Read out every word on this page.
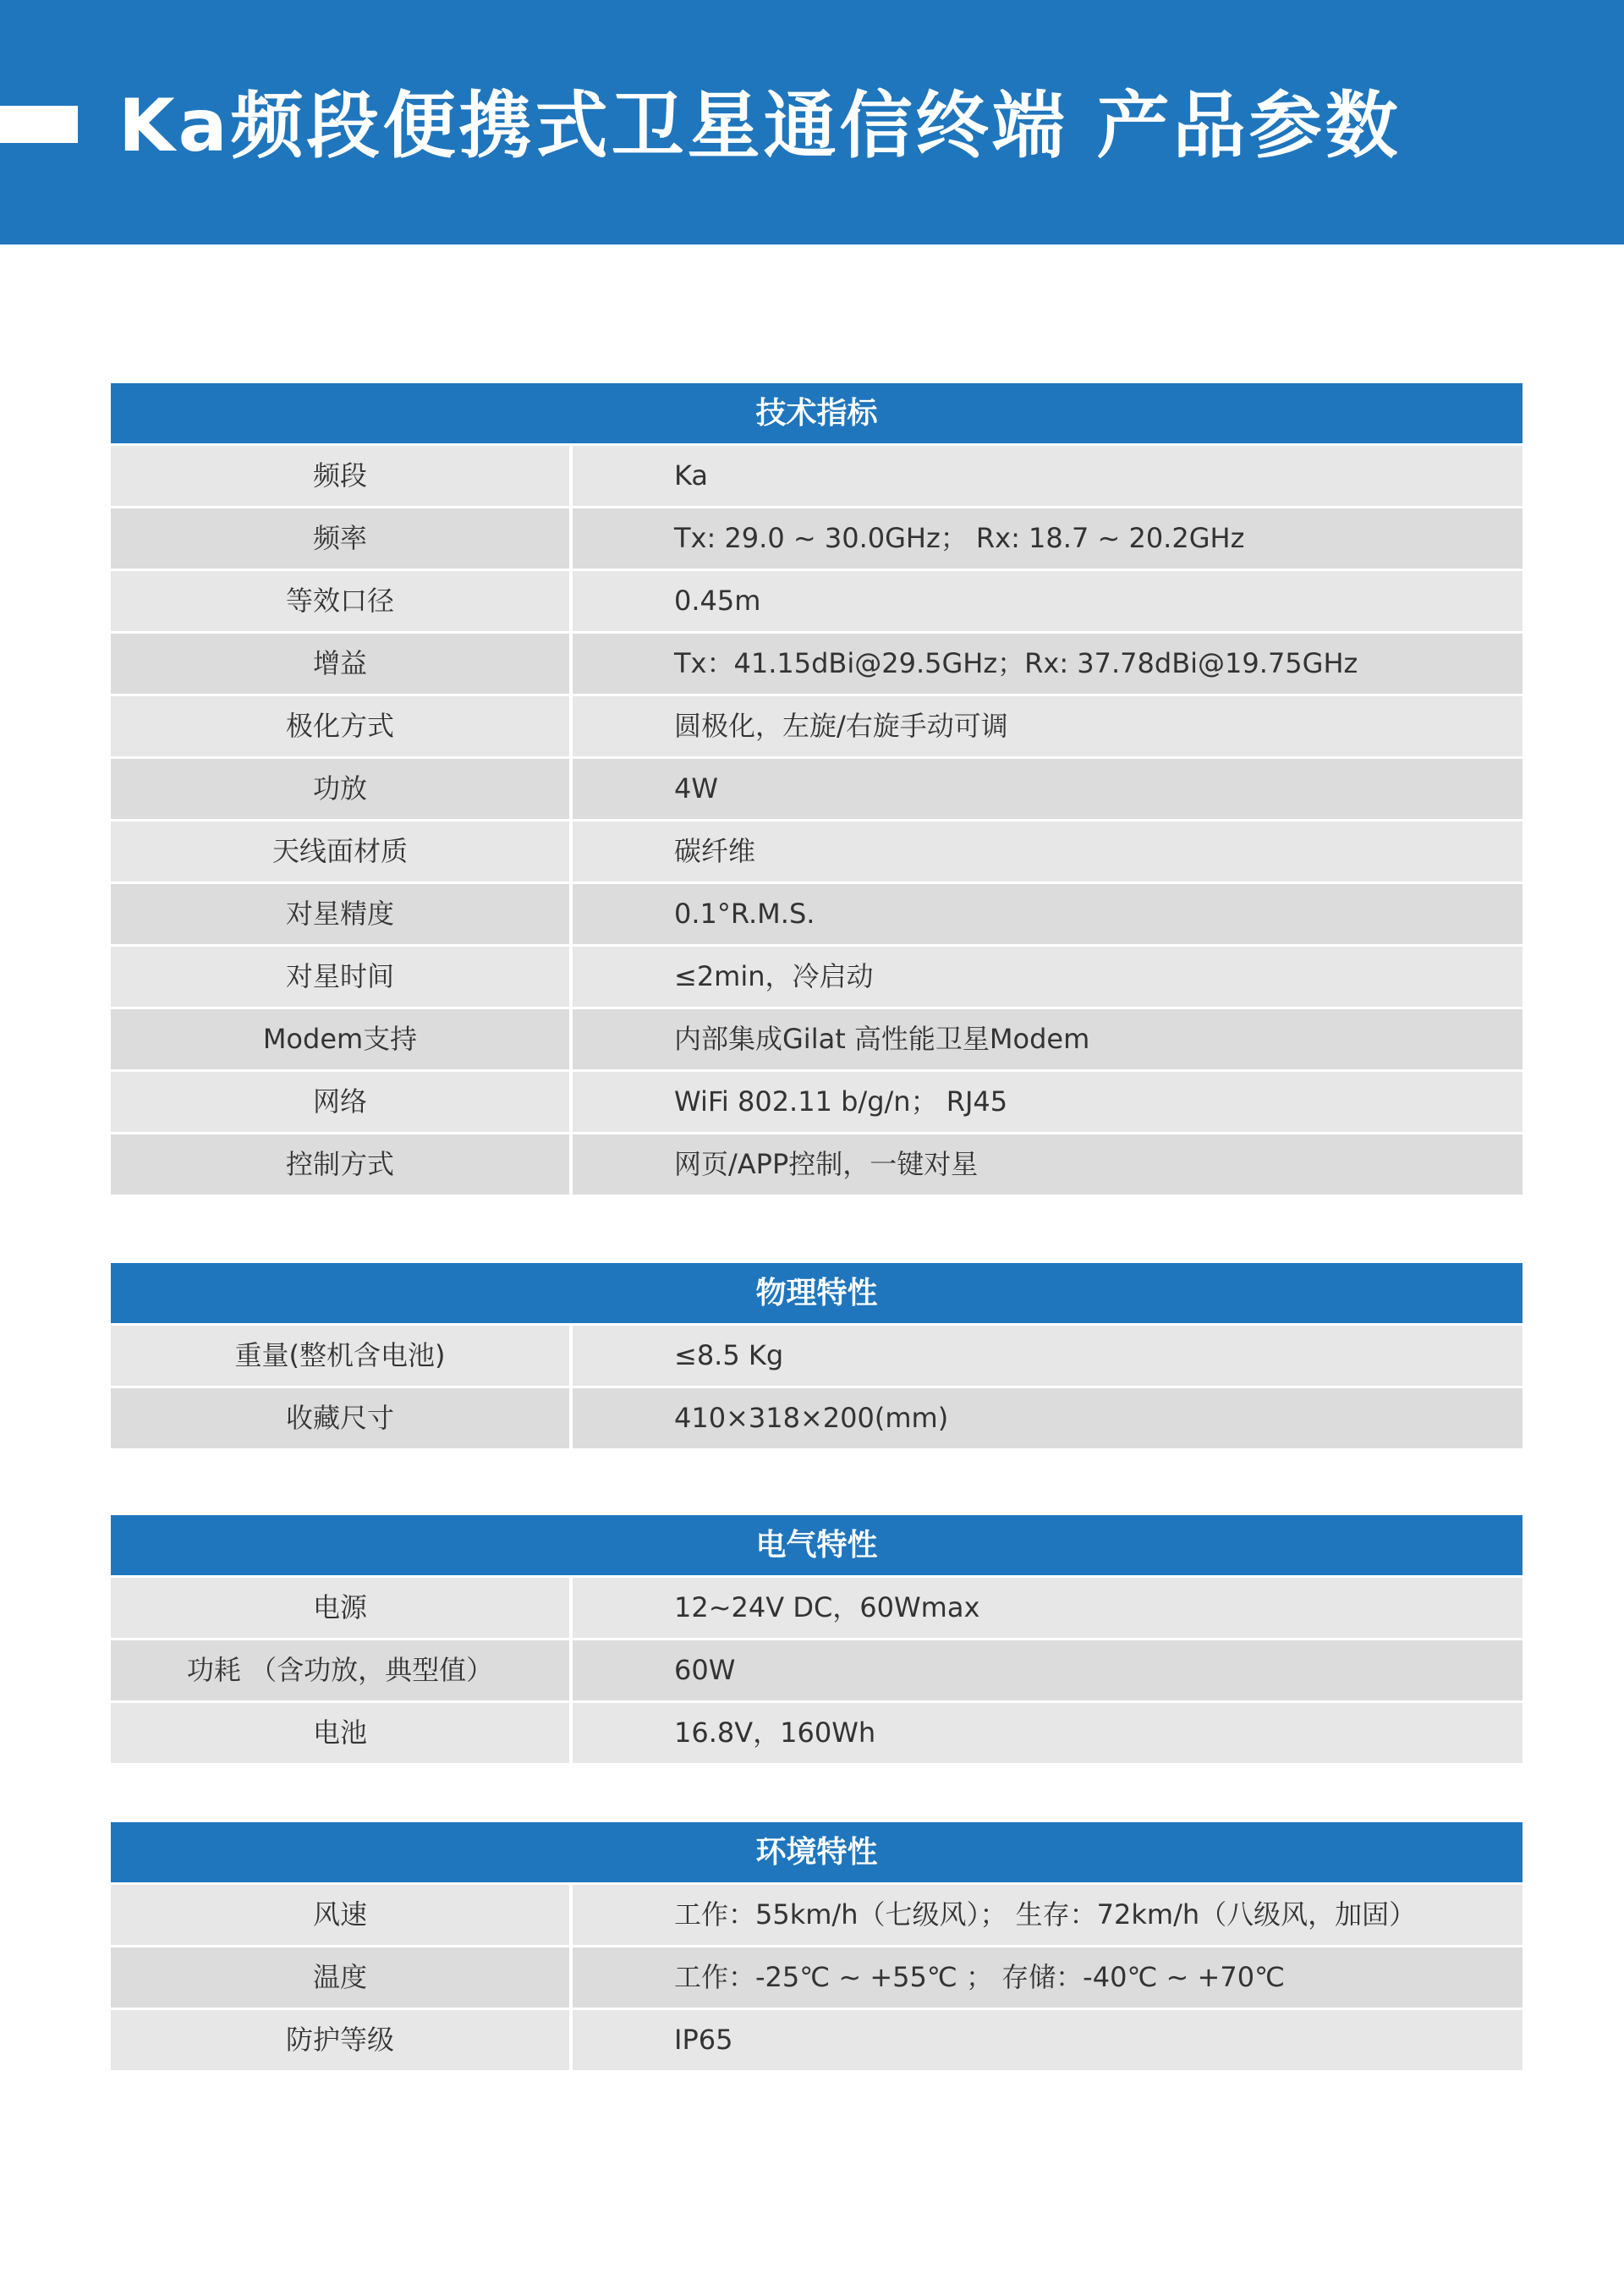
Ka频段便携式卫星通信终端 产品参数
技术指标
频段	Ka
频率	Tx: 29.0 ~ 30.0GHz； Rx: 18.7 ~ 20.2GHz
等效口径	0.45m
增益	Tx：41.15dBi@29.5GHz；Rx: 37.78dBi@19.75GHz
极化方式	圆极化，左旋/右旋手动可调
功放	4W
天线面材质	碳纤维
对星精度	0.1°R.M.S.
对星时间	≤2min，冷启动
Modem支持	内部集成Gilat 高性能卫星Modem
网络	WiFi 802.11 b/g/n； RJ45
控制方式	网页/APP控制，一键对星
物理特性
重量(整机含电池)	≤8.5 Kg
收藏尺寸	410×318×200(mm)
电气特性
电源	12~24V DC，60Wmax
功耗 （含功放，典型值）	60W
电池	16.8V，160Wh
环境特性
风速	工作：55km/h（七级风）； 生存：72km/h（八级风，加固）
温度	工作：-25℃ ~ +55℃ ； 存储：-40℃ ~ +70℃
防护等级	IP65
